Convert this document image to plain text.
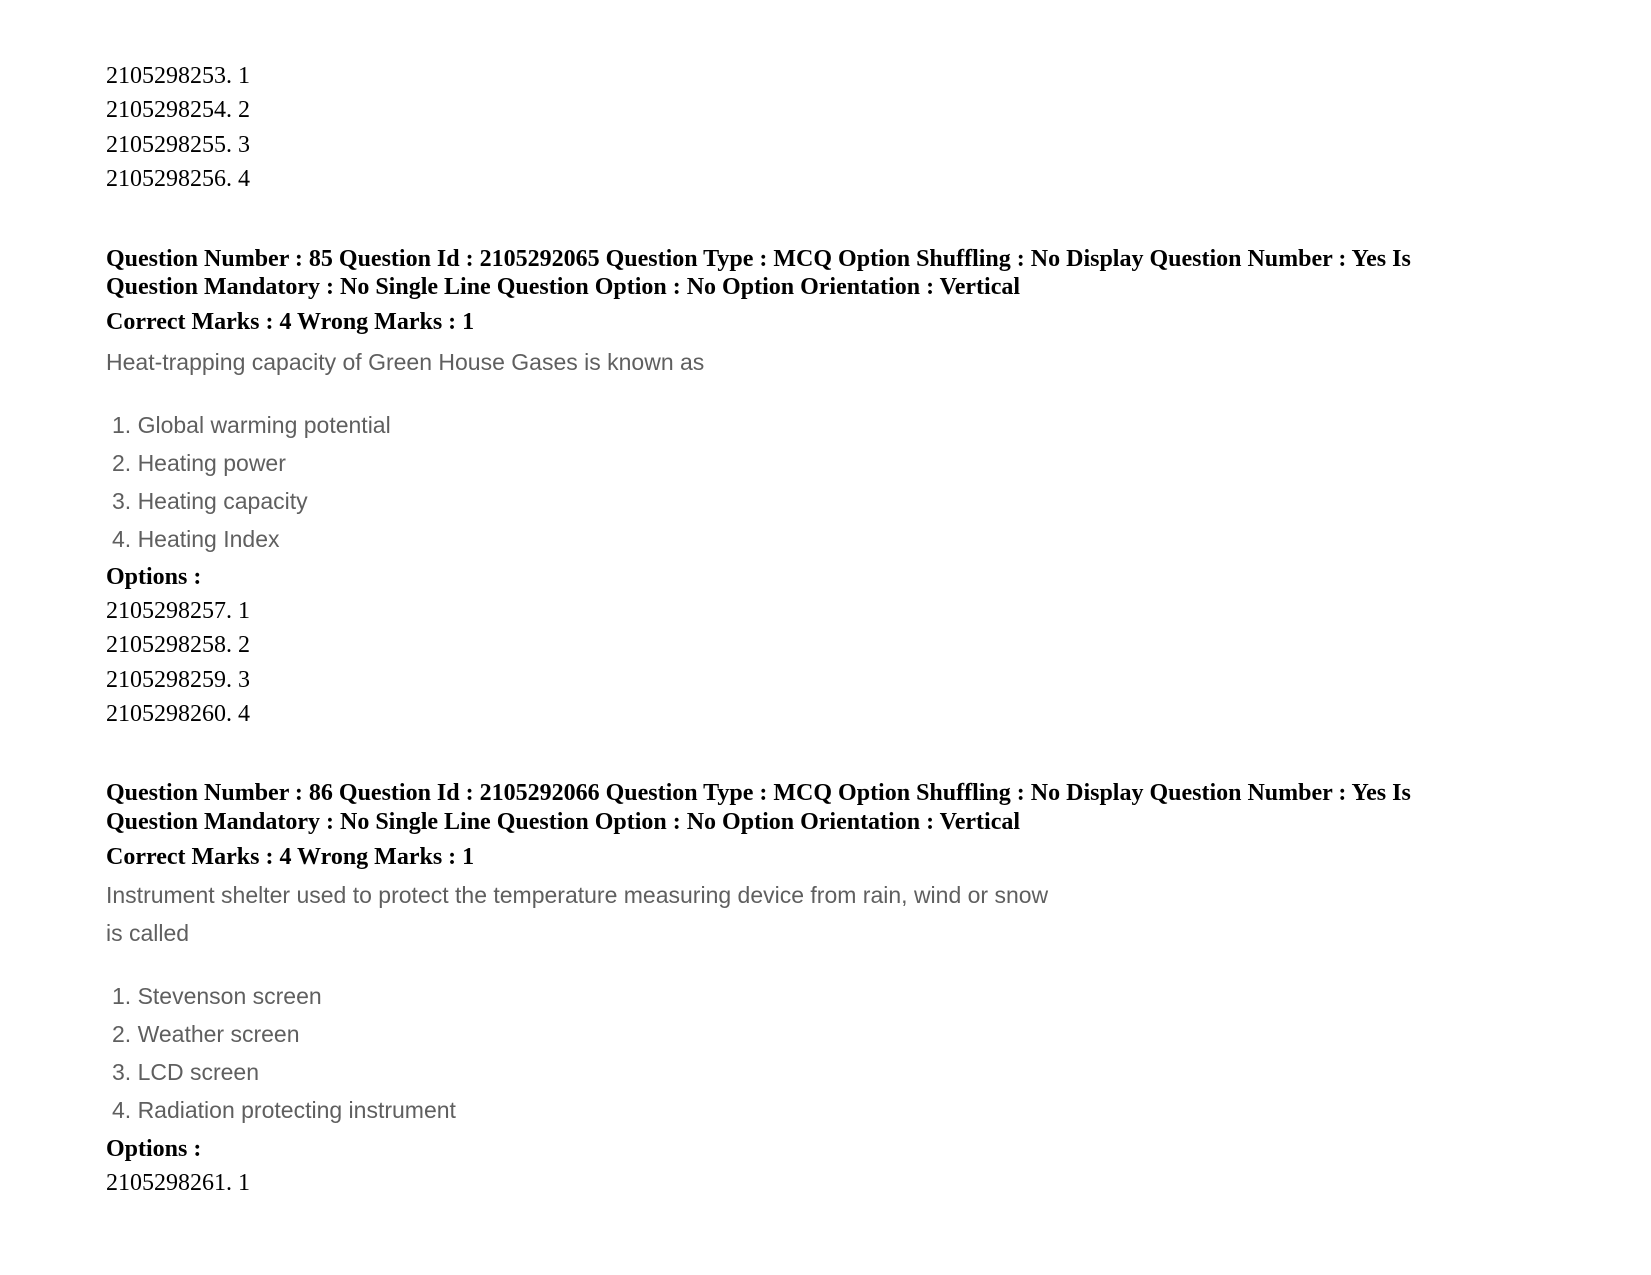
2105298253. 1
2105298254. 2
2105298255. 3
2105298256. 4
Question Number : 85 Question Id : 2105292065 Question Type : MCQ Option Shuffling : No Display Question Number : Yes Is
Question Mandatory : No Single Line Question Option : No Option Orientation : Vertical
Correct Marks : 4 Wrong Marks : 1
Heat-trapping capacity of Green House Gases is known as
1. Global warming potential
2. Heating power
3. Heating capacity
4. Heating Index
Options :
2105298257. 1
2105298258. 2
2105298259. 3
2105298260. 4
Question Number : 86 Question Id : 2105292066 Question Type : MCQ Option Shuffling : No Display Question Number : Yes Is
Question Mandatory : No Single Line Question Option : No Option Orientation : Vertical
Correct Marks : 4 Wrong Marks : 1
Instrument shelter used to protect the temperature measuring device from rain, wind or snow
is called
1. Stevenson screen
2. Weather screen
3. LCD screen
4. Radiation protecting instrument
Options :
2105298261. 1
